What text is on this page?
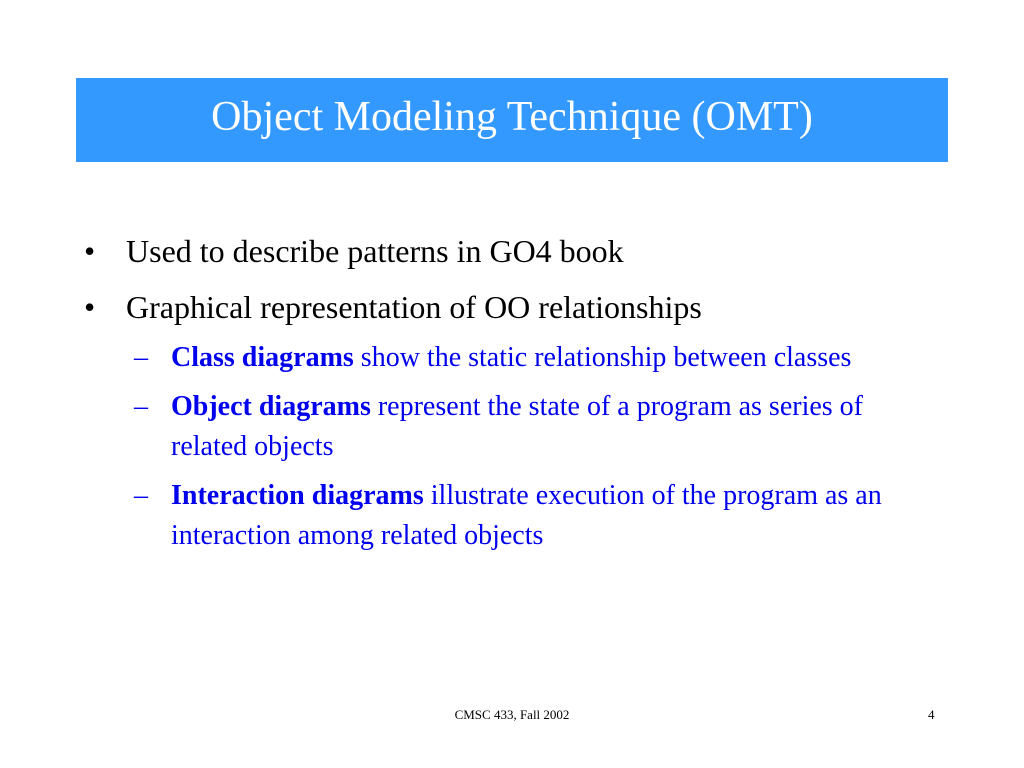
Object Modeling Technique (OMT)
• Used to describe patterns in GO4 book
• Graphical representation of OO relationships
– Class diagrams show the static relationship between classes
– Object diagrams represent the state of a program as series of related objects
– Interaction diagrams illustrate execution of the program as an interaction among related objects
CMSC 433, Fall 2002	4
